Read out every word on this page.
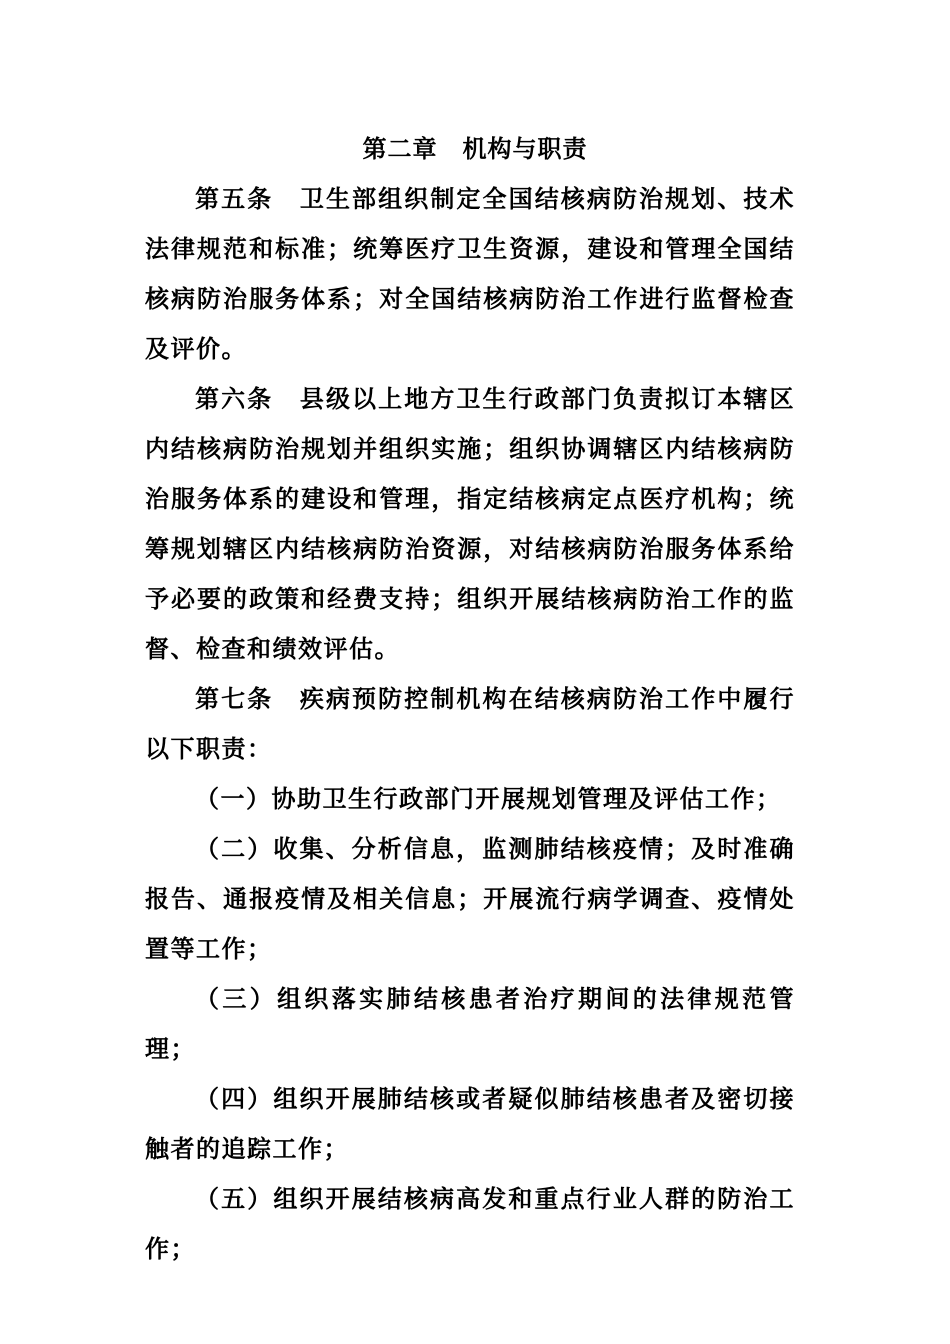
第二章　机构与职责

第五条 卫生部组织制定全国结核病防治规划、技术法律规范和标准；统筹医疗卫生资源，建设和管理全国结核病防治服务体系；对全国结核病防治工作进行监督检查及评价。

第六条 县级以上地方卫生行政部门负责拟订本辖区内结核病防治规划并组织实施；组织协调辖区内结核病防治服务体系的建设和管理，指定结核病定点医疗机构；统筹规划辖区内结核病防治资源，对结核病防治服务体系给予必要的政策和经费支持；组织开展结核病防治工作的监督、检查和绩效评估。

第七条 疾病预防控制机构在结核病防治工作中履行以下职责：

（一）协助卫生行政部门开展规划管理及评估工作；

（二）收集、分析信息，监测肺结核疫情；及时准确报告、通报疫情及相关信息；开展流行病学调查、疫情处置等工作；

（三）组织落实肺结核患者治疗期间的法律规范管理；

（四）组织开展肺结核或者疑似肺结核患者及密切接触者的追踪工作；

（五）组织开展结核病高发和重点行业人群的防治工作；
